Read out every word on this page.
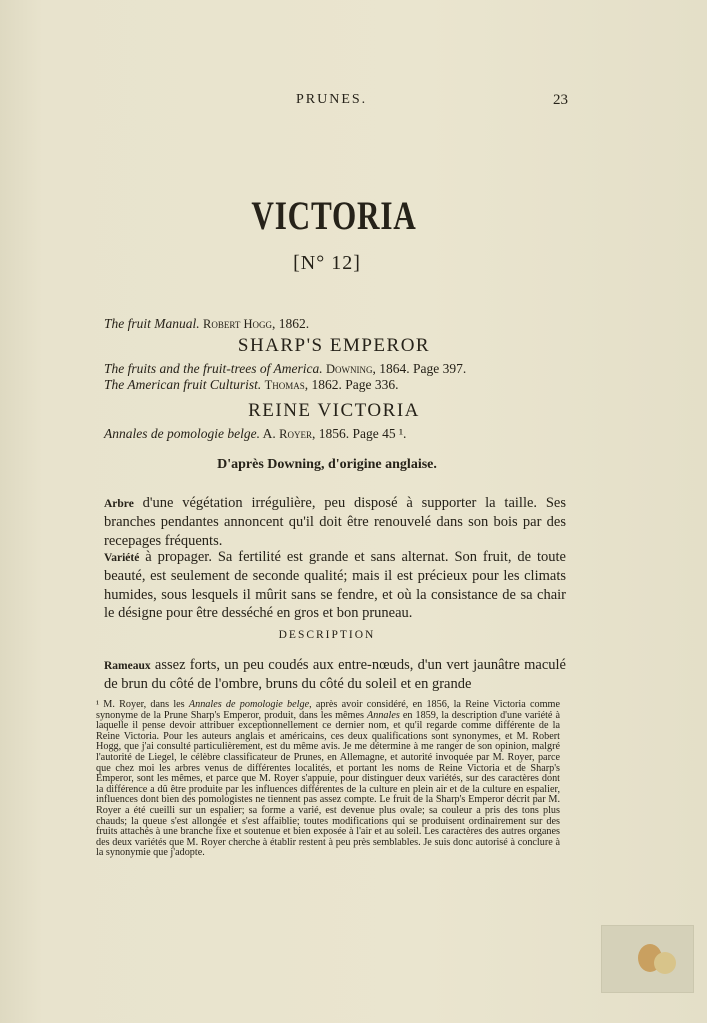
PRUNES.	23
VICTORIA
[N° 12]
The fruit Manual. Robert Hogg, 1862.
SHARP'S EMPEROR
The fruits and the fruit-trees of America. Downing, 1864. Page 397.
The American fruit Culturist. Thomas, 1862. Page 336.
REINE VICTORIA
Annales de pomologie belge. A. Royer, 1856. Page 45 ¹.
D'après Downing, d'origine anglaise.
Arbre d'une végétation irrégulière, peu disposé à supporter la taille. Ses branches pendantes annoncent qu'il doit être renouvelé dans son bois par des recepages fréquents.
Variété à propager. Sa fertilité est grande et sans alternat. Son fruit, de toute beauté, est seulement de seconde qualité; mais il est précieux pour les climats humides, sous lesquels il mûrit sans se fendre, et où la consistance de sa chair le désigne pour être desséché en gros et bon pruneau.
DESCRIPTION
Rameaux assez forts, un peu coudés aux entre-nœuds, d'un vert jaunâtre maculé de brun du côté de l'ombre, bruns du côté du soleil et en grande
¹ M. Royer, dans les Annales de pomologie belge, après avoir considéré, en 1856, la Reine Victoria comme synonyme de la Prune Sharp's Emperor, produit, dans les mêmes Annales en 1859, la description d'une variété à laquelle il pense devoir attribuer exceptionnellement ce dernier nom, et qu'il regarde comme différente de la Reine Victoria. Pour les auteurs anglais et américains, ces deux qualifications sont synonymes, et M. Robert Hogg, que j'ai consulté particulièrement, est du même avis. Je me détermine à me ranger de son opinion, malgré l'autorité de Liegel, le célèbre classificateur de Prunes, en Allemagne, et autorité invoquée par M. Royer, parce que chez moi les arbres venus de différentes localités, et portant les noms de Reine Victoria et de Sharp's Emperor, sont les mêmes, et parce que M. Royer s'appuie, pour distinguer deux variétés, sur des caractères dont la différence a dû être produite par les influences différentes de la culture en plein air et de la culture en espalier, influences dont bien des pomologistes ne tiennent pas assez compte. Le fruit de la Sharp's Emperor décrit par M. Royer a été cueilli sur un espalier; sa forme a varié, est devenue plus ovale; sa couleur a pris des tons plus chauds; la queue s'est allongée et s'est affaiblie; toutes modifications qui se produisent ordinairement sur des fruits attachés à une branche fixe et soutenue et bien exposée à l'air et au soleil. Les caractères des autres organes des deux variétés que M. Royer cherche à établir restent à peu près semblables. Je suis donc autorisé à conclure à la synonymie que j'adopte.
